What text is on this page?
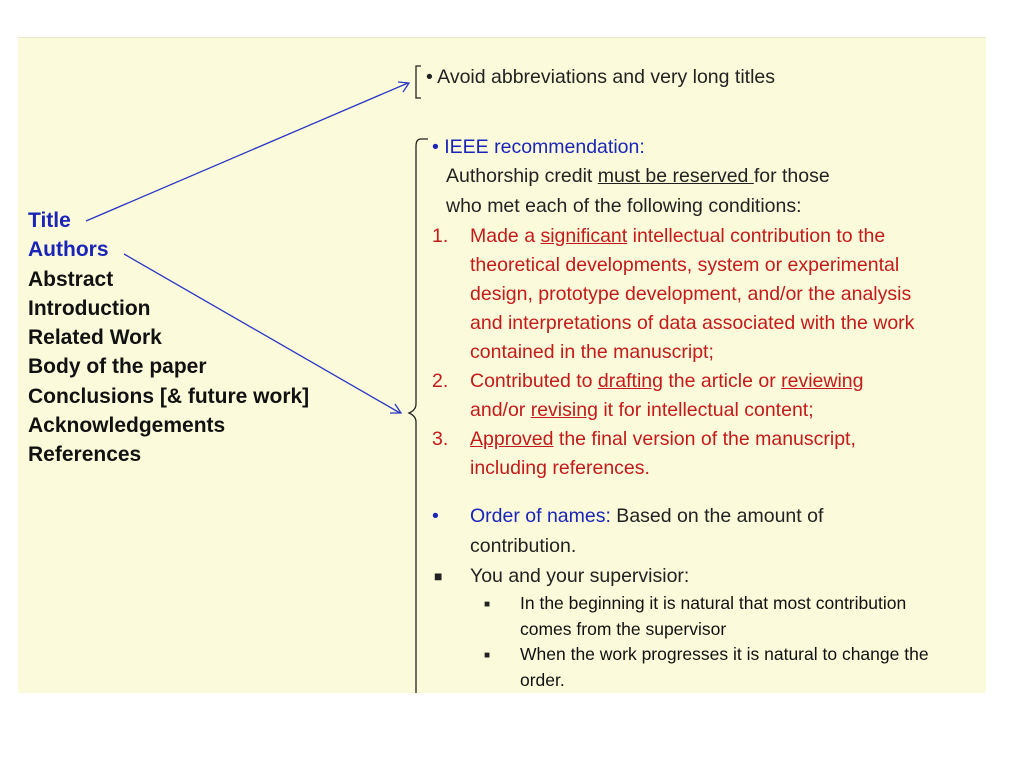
Title
Authors
Abstract
Introduction
Related Work
Body of the paper
Conclusions [& future work]
Acknowledgements
References
• Avoid abbreviations and very long titles
• IEEE recommendation:
Authorship credit must be reserved for those
who met each of the following conditions:
1. Made a significant intellectual contribution to the
theoretical developments, system or experimental
design, prototype development, and/or the analysis
and interpretations of data associated with the work
contained in the manuscript;
2. Contributed to drafting the article or reviewing
and/or revising it for intellectual content;
3. Approved the final version of the manuscript,
including references.
• Order of names: Based on the amount of
contribution.
■ You and your supervisior:
■ In the beginning it is natural that most contribution
comes from the supervisor
■ When the work progresses it is natural to change the
order.
